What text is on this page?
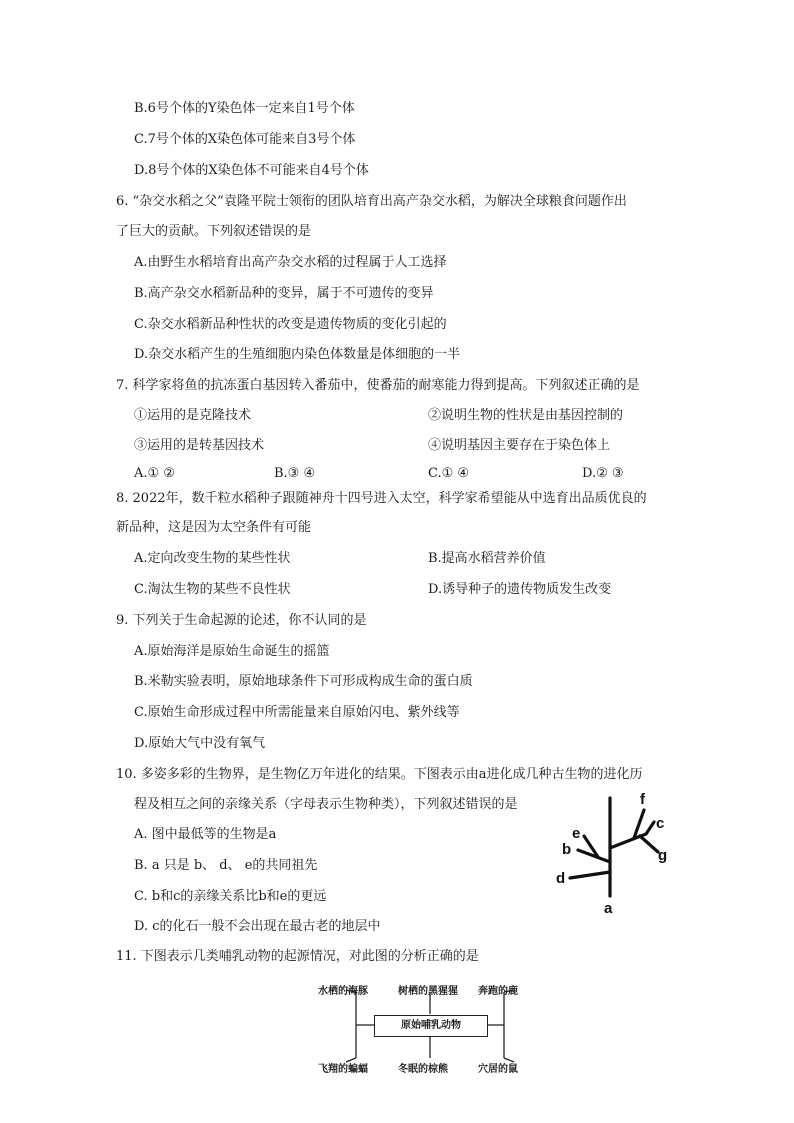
B.6号个体的Y染色体一定来自1号个体
C.7号个体的X染色体可能来自3号个体
D.8号个体的X染色体不可能来自4号个体
6. “杂交水稻之父”袁隆平院士领衔的团队培育出高产杂交水稻，为解决全球粮食问题作出
了巨大的贡献。下列叙述错误的是
A.由野生水稻培育出高产杂交水稻的过程属于人工选择
B.高产杂交水稻新品种的变异，属于不可遗传的变异
C.杂交水稻新品种性状的改变是遗传物质的变化引起的
D.杂交水稻产生的生殖细胞内染色体数量是体细胞的一半
7. 科学家将鱼的抗冻蛋白基因转入番茄中，使番茄的耐寒能力得到提高。下列叙述正确的是
①运用的是克隆技术	②说明生物的性状是由基因控制的
③运用的是转基因技术	④说明基因主要存在于染色体上
A.① ②	B.③ ④	C.① ④	D.② ③
8. 2022年，数千粒水稻种子跟随神舟十四号进入太空，科学家希望能从中选育出品质优良的
新品种，这是因为太空条件有可能
A.定向改变生物的某些性状	B.提高水稻营养价值
C.淘汰生物的某些不良性状	D.诱导种子的遗传物质发生改变
9. 下列关于生命起源的论述，你不认同的是
A.原始海洋是原始生命诞生的摇篮
B.米勒实验表明，原始地球条件下可形成构成生命的蛋白质
C.原始生命形成过程中所需能量来自原始闪电、紫外线等
D.原始大气中没有氧气
10. 多姿多彩的生物界，是生物亿万年进化的结果。下图表示由a进化成几种古生物的进化历
程及相互之间的亲缘关系（字母表示生物种类），下列叙述错误的是
A. 图中最低等的生物是a
B. a 只是 b、 d、 e的共同祖先
C. b和c的亲缘关系比b和e的更远
D. c的化石一般不会出现在最古老的地层中
a
b
c
d
e
f
g
11. 下图表示几类哺乳动物的起源情况，对此图的分析正确的是
水栖的海豚	树栖的黑猩猩 奔跑的鹿
原始哺乳动物
飞翔的蝙蝠	冬眠的棕熊	穴居的鼠
